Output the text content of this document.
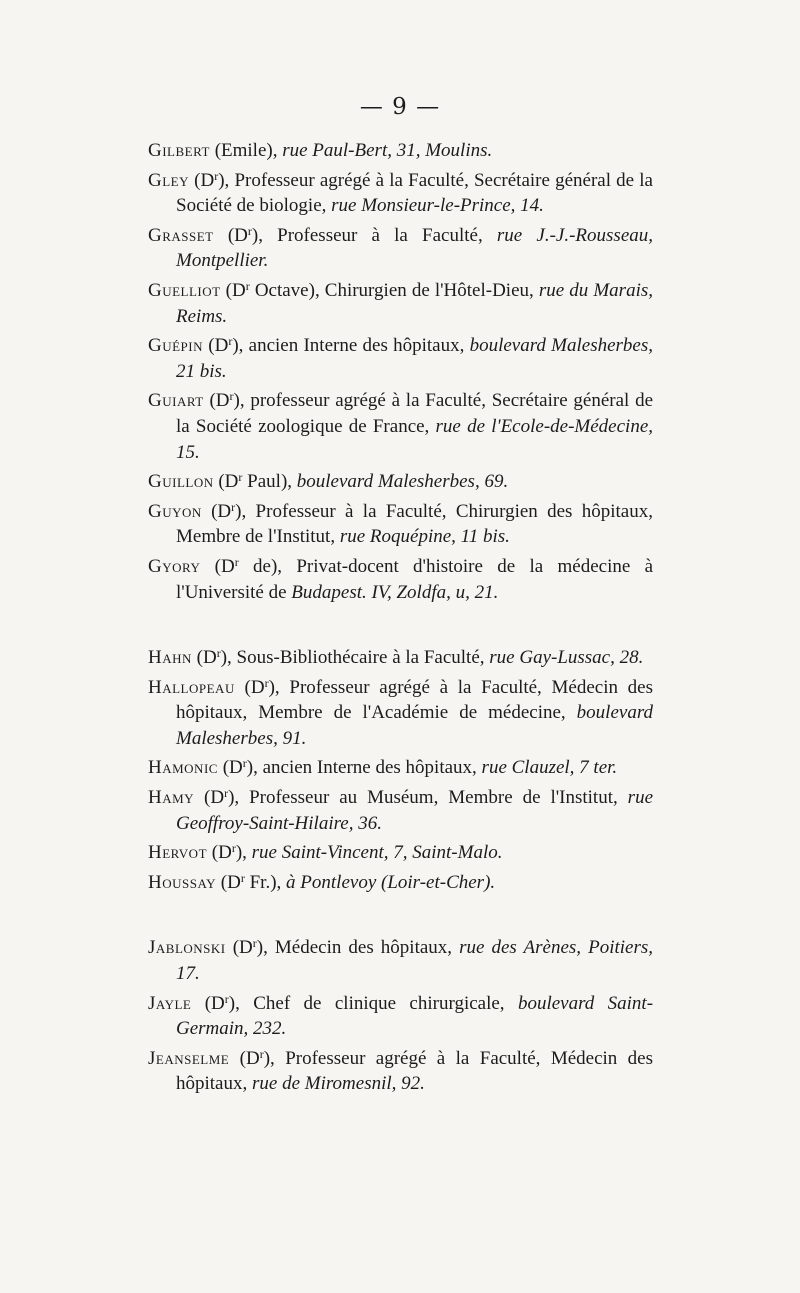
— 9 —

Gilbert (Emile), rue Paul-Bert, 31, Moulins.

Gley $(D^r)$, Professeur agrégé à la Faculté, Secrétaire général de la Société de biologie, rue Monsieur-le-Prince, 14.

Grasset $(D^r)$, Professeur à la Faculté, rue J.-J.-Rousseau, Montpellier.

Guelliot ($D^r$ Octave), Chirurgien de l'Hôtel-Dieu, rue du Marais, Reims.

Guépin $(D^r)$, ancien Interne des hôpitaux, boulevard Malesherbes, 21 bis.

Guiart $(D^r)$, professeur agrégé à la Faculté, Secrétaire général de la Société zoologique de France, rue de l'Ecole-de-Médecine, 15.

Guillon ($D^r$ Paul), boulevard Malesherbes, 69.

Guyon $(D^r)$, Professeur à la Faculté, Chirurgien des hôpitaux, Membre de l'Institut, rue Roquépine, 11 bis.

Gyory ($D^r$ de), Privat-docent d'histoire de la médecine à l'Université de Budapest. IV, Zoldfa, u, 21.

Hahn $(D^r)$, Sous-Bibliothécaire à la Faculté, rue Gay-Lussac, 28.

Hallopeau $(D^r)$, Professeur agrégé à la Faculté, Médecin des hôpitaux, Membre de l'Académie de médecine, boulevard Malesherbes, 91.

Hamonic $(D^r)$, ancien Interne des hôpitaux, rue Clauzel, 7 ter.

Hamy $(D^r)$, Professeur au Muséum, Membre de l'Institut, rue Geoffroy-Saint-Hilaire, 36.

Hervot $(D^r)$, rue Saint-Vincent, 7, Saint-Malo.

Houssay ($D^r$ Fr.), à Pontlevoy (Loir-et-Cher).

Jablonski $(D^r)$, Médecin des hôpitaux, rue des Arènes, Poitiers, 17.

Jayle $(D^r)$, Chef de clinique chirurgicale, boulevard Saint-Germain, 232.

Jeanselme $(D^r)$, Professeur agrégé à la Faculté, Médecin des hôpitaux, rue de Miromesnil, 92.
